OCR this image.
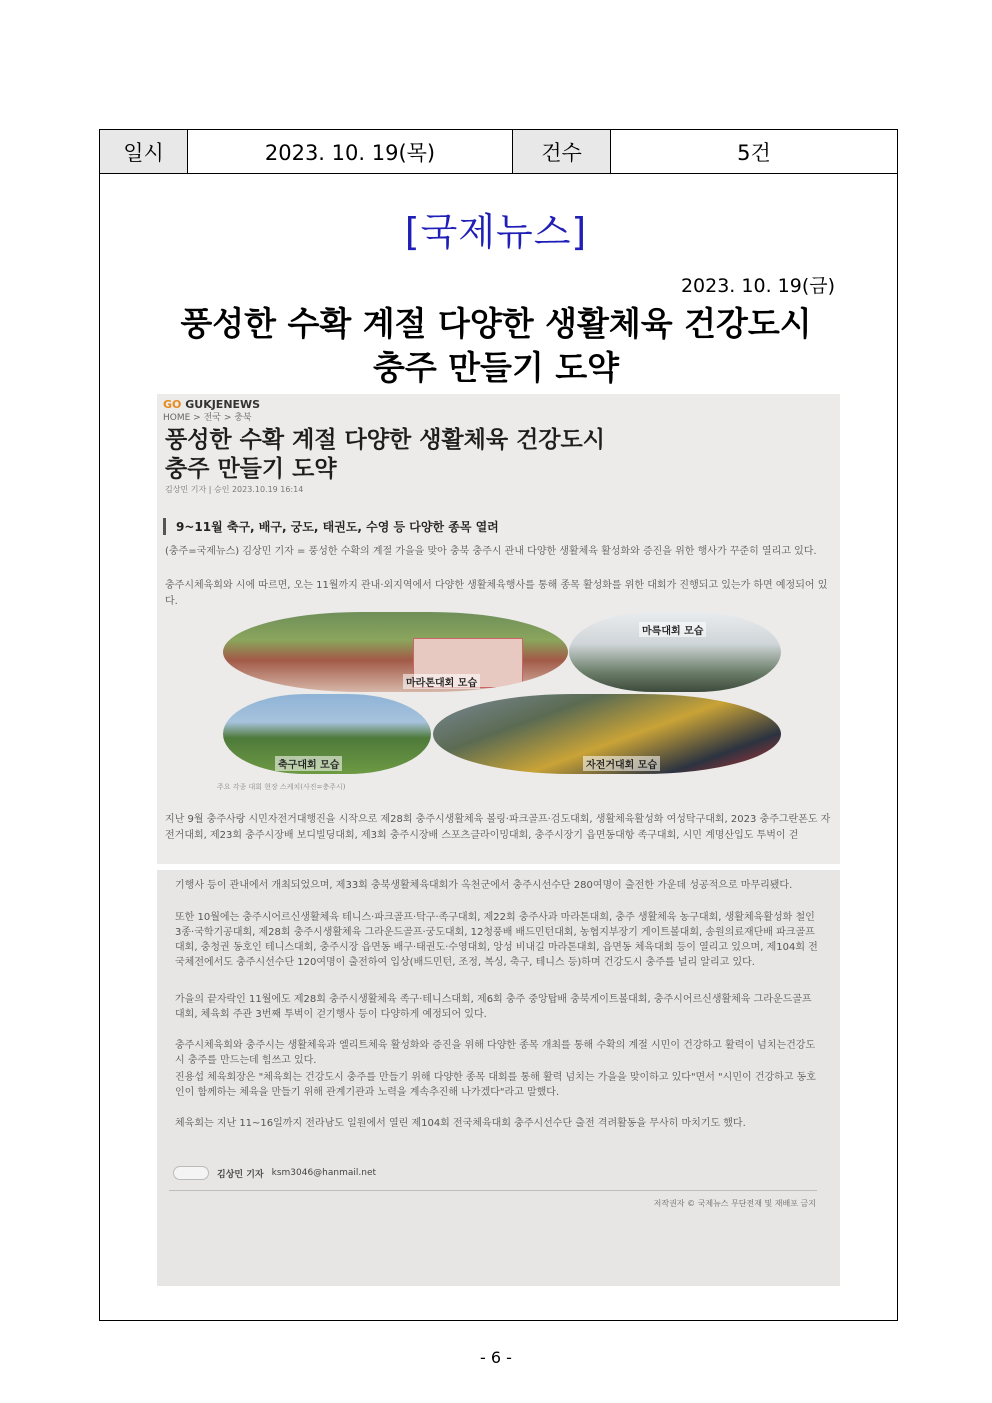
일시	2023. 10. 19(목)	건수	5건
[국제뉴스]
2023. 10. 19(금)
풍성한 수확 계절 다양한 생활체육 건강도시
충주 만들기 도약
GO GUKJENEWS
HOME > 전국 > 충북
풍성한 수확 계절 다양한 생활체육 건강도시
충주 만들기 도약
김상민 기자 | 승인 2023.10.19 16:14
9~11월 축구, 배구, 궁도, 태권도, 수영 등 다양한 종목 열려
(충주=국제뉴스) 김상민 기자 = 풍성한 수확의 계절 가을을 맞아 충북 충주시 관내 다양한 생활체육 활성화와 증진을 위한 행사가 꾸준히 열리고 있다.
충주시체육회와 시에 따르면, 오는 11월까지 관내·외지역에서 다양한 생활체육행사를 통해 종목 활성화를 위한 대회가 진행되고 있는가 하면 예정되어 있다.
마라톤대회 모습
마륵대회 모습
축구대회 모습	자전거대회 모습
주요 각종 대회 현장 스케치(사진=충주시)
지난 9월 충주사랑 시민자전거대행진을 시작으로 제28회 충주시생활체육 볼링·파크골프·검도대회, 생활체육활성화 여성탁구대회, 2023 충주그란폰도 자전거대회, 제23회 충주시장배 보디빌딩대회, 제3회 충주시장배 스포츠클라이밍대회, 충주시장기 읍면동대항 족구대회, 시민 계명산입도 투벅이 걷
기행사 등이 관내에서 개최되었으며, 제33회 충북생활체육대회가 옥천군에서 충주시선수단 280여명이 출전한 가운데 성공적으로 마무리됐다.
또한 10월에는 충주시어르신생활체육 테니스·파크골프·탁구·족구대회, 제22회 충주사과 마라톤대회, 충주 생활체육 농구대회, 생활체육활성화 철인3종·국학기공대회, 제28회 충주시생활체육 그라운드골프·궁도대회, 12청풍배 배드민턴대회, 농협지부장기 게이트볼대회, 송원의료재단배 파크골프대회, 충청권 동호인 테니스대회, 충주시장 읍면동 배구·태권도·수영대회, 앙성 비내길 마라톤대회, 읍면동 체육대회 등이 열리고 있으며, 제104회 전국체전에서도 충주시선수단 120여명이 출전하여 입상(배드민턴, 조정, 복싱, 축구, 테니스 등)하며 건강도시 충주를 널리 알리고 있다.
가을의 끝자락인 11월에도 제28회 충주시생활체육 족구·테니스대회, 제6회 충주 중앙탑배 충북게이트볼대회, 충주시어르신생활체육 그라운드골프대회, 체육회 주관 3번째 투벅이 걷기행사 등이 다양하게 예정되어 있다.
충주시체육회와 충주시는 생활체육과 엘리트체육 활성화와 증진을 위해 다양한 종목 개최를 통해 수확의 계절 시민이 건강하고 활력이 넘치는건강도시 충주를 만드는데 힘쓰고 있다.
진용섭 체육회장은 "체육회는 건강도시 충주를 만들기 위해 다양한 종목 대회를 통해 활력 넘치는 가을을 맞이하고 있다"면서 "시민이 건강하고 동호인이 함께하는 체육을 만들기 위해 관계기관과 노력을 계속추진해 나가겠다"라고 말했다.
체육회는 지난 11~16일까지 전라남도 일원에서 열린 제104회 전국체육대회 충주시선수단 출전 격려활동을 무사히 마치기도 했다.
김상민 기자 ksm3046@hanmail.net
저작권자 © 국제뉴스 무단전재 및 재배포 금지
- 6 -
